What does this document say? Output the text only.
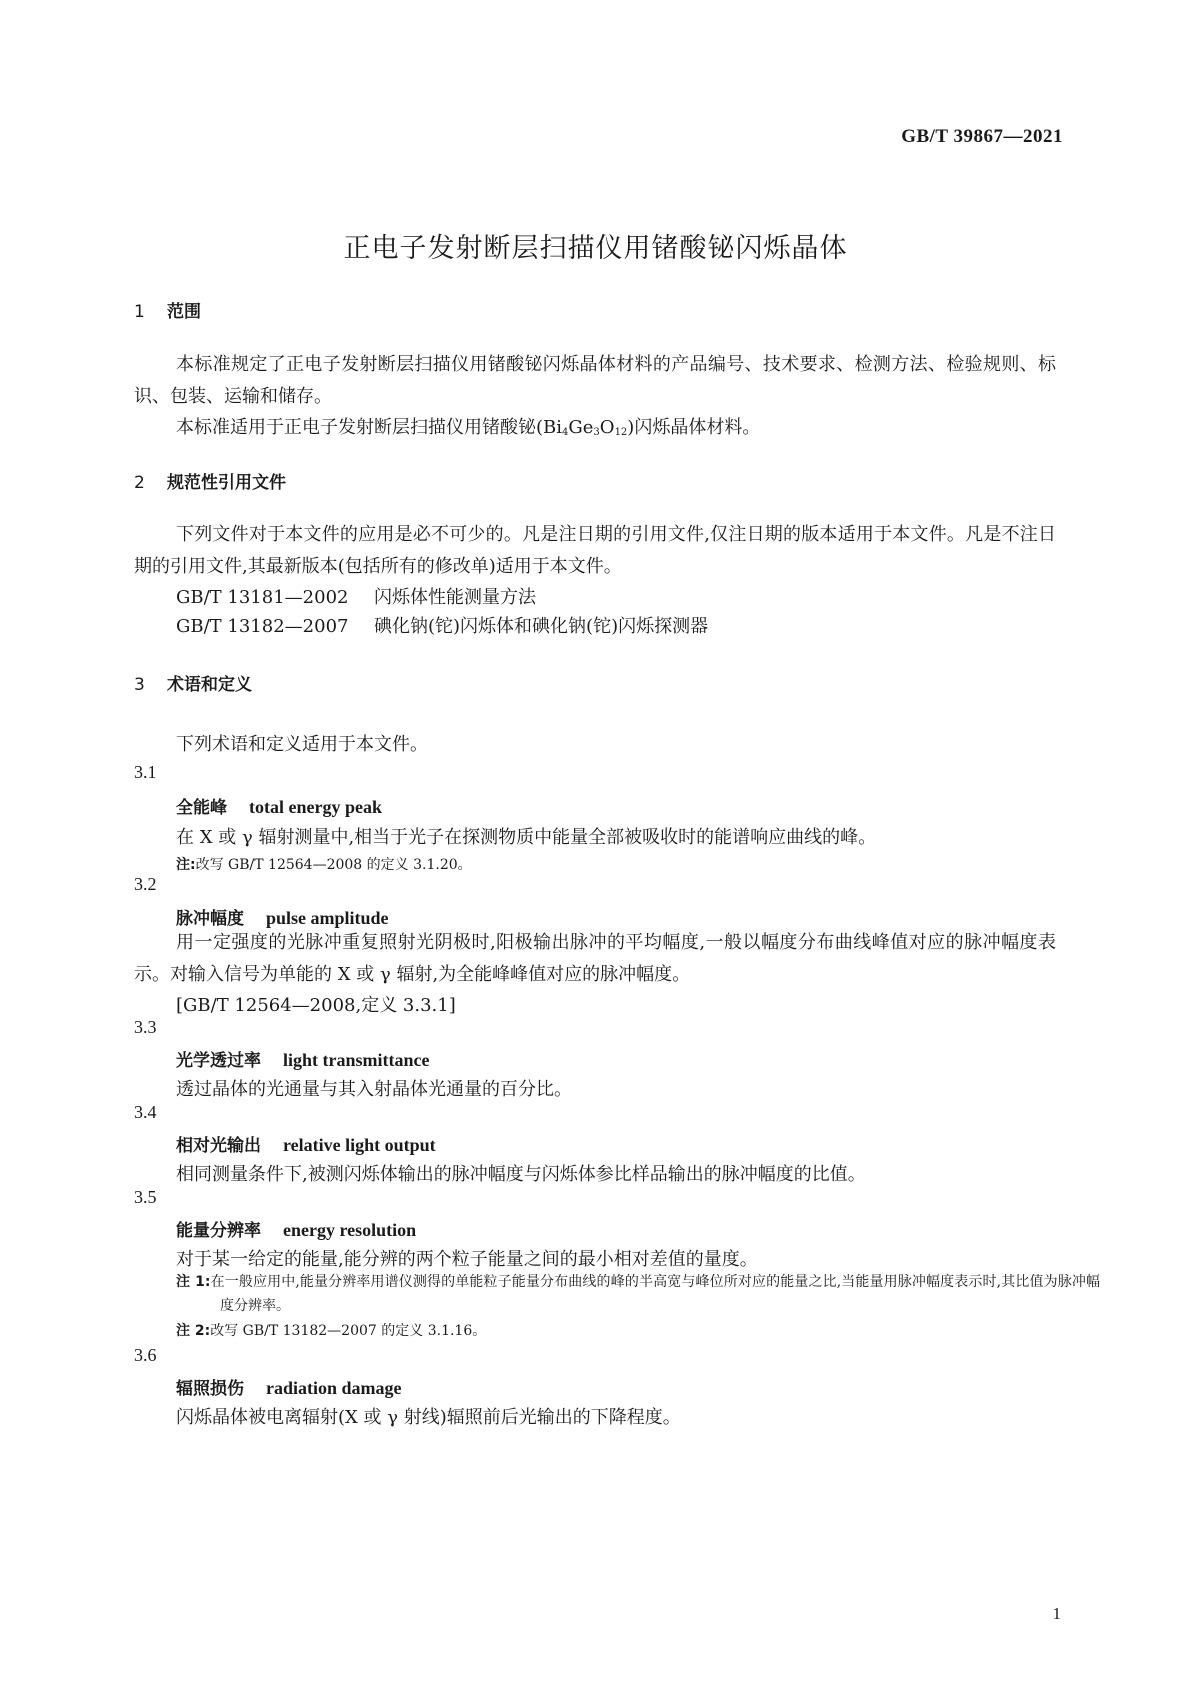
GB/T 39867—2021
正电子发射断层扫描仪用锗酸铋闪烁晶体
1 范围
本标准规定了正电子发射断层扫描仪用锗酸铋闪烁晶体材料的产品编号、技术要求、检测方法、检验规则、标识、包装、运输和储存。
本标准适用于正电子发射断层扫描仪用锗酸铋$(Bi_4Ge_3O_{12})$闪烁晶体材料。
2 规范性引用文件
下列文件对于本文件的应用是必不可少的。凡是注日期的引用文件,仅注日期的版本适用于本文件。凡是不注日期的引用文件,其最新版本(包括所有的修改单)适用于本文件。
GB/T 13181—2002 闪烁体性能测量方法
GB/T 13182—2007 碘化钠(铊)闪烁体和碘化钠(铊)闪烁探测器
3 术语和定义
下列术语和定义适用于本文件。
3.1
全能峰 total energy peak
在 X 或 γ 辐射测量中,相当于光子在探测物质中能量全部被吸收时的能谱响应曲线的峰。
注:改写 GB/T 12564—2008 的定义 3.1.20。
3.2
脉冲幅度 pulse amplitude
用一定强度的光脉冲重复照射光阴极时,阳极输出脉冲的平均幅度,一般以幅度分布曲线峰值对应的脉冲幅度表示。对输入信号为单能的 X 或 γ 辐射,为全能峰峰值对应的脉冲幅度。
[GB/T 12564—2008,定义 3.3.1]
3.3
光学透过率 light transmittance
透过晶体的光通量与其入射晶体光通量的百分比。
3.4
相对光输出 relative light output
相同测量条件下,被测闪烁体输出的脉冲幅度与闪烁体参比样品输出的脉冲幅度的比值。
3.5
能量分辨率 energy resolution
对于某一给定的能量,能分辨的两个粒子能量之间的最小相对差值的量度。
注 1:在一般应用中,能量分辨率用谱仪测得的单能粒子能量分布曲线的峰的半高宽与峰位所对应的能量之比,当能量用脉冲幅度表示时,其比值为脉冲幅度分辨率。
注 2:改写 GB/T 13182—2007 的定义 3.1.16。
3.6
辐照损伤 radiation damage
闪烁晶体被电离辐射(X 或 γ 射线)辐照前后光输出的下降程度。
1
